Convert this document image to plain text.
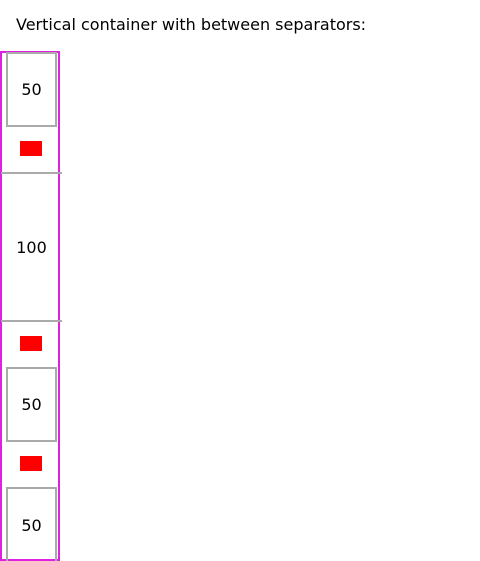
Vertical container with between separators:
50
100
50
50
